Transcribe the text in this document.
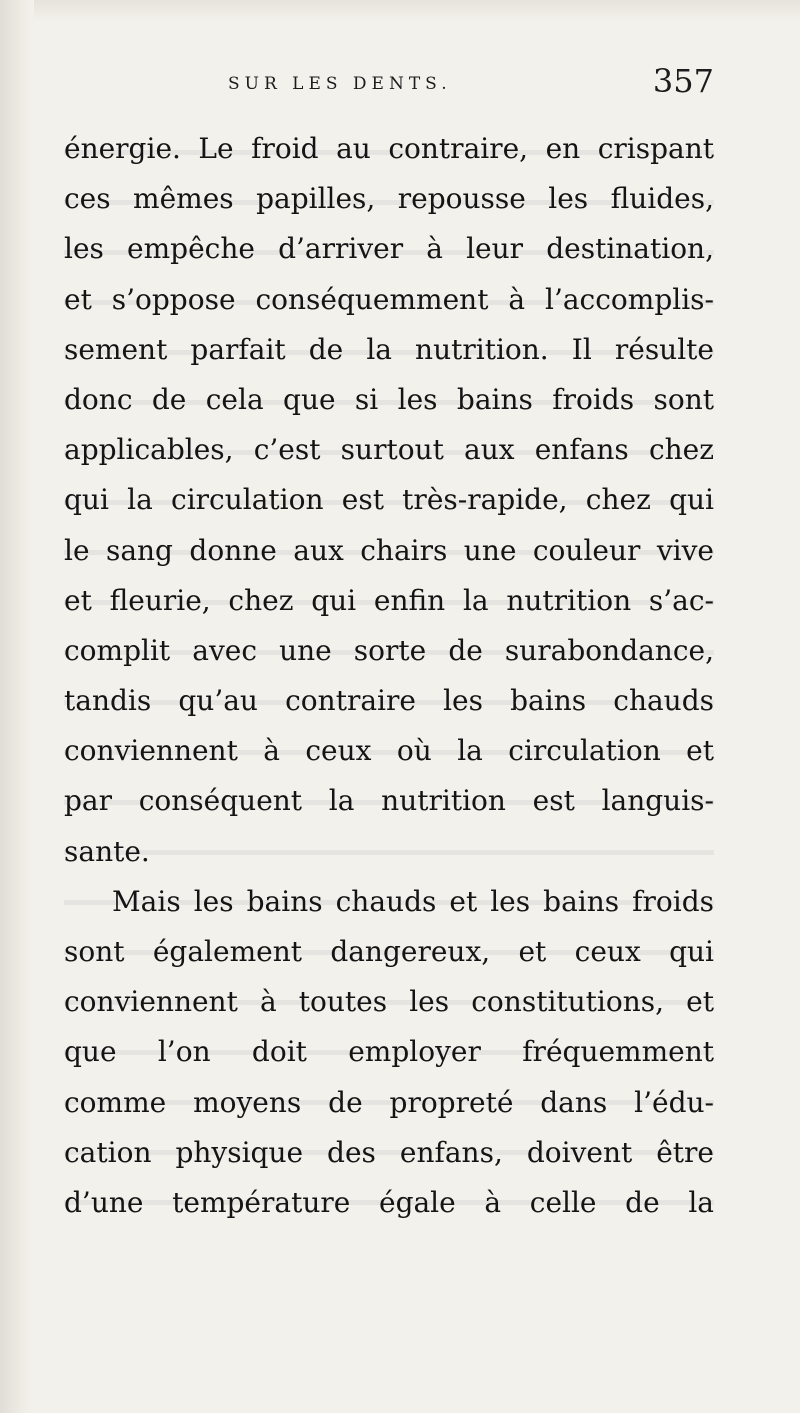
SUR LES DENTS.	357
énergie. Le froid au contraire, en crispant
ces mêmes papilles, repousse les fluides,
les empêche d’arriver à leur destination,
et s’oppose conséquemment à l’accomplis-
sement parfait de la nutrition. Il résulte
donc de cela que si les bains froids sont
applicables, c’est surtout aux enfans chez
qui la circulation est très-rapide, chez qui
le sang donne aux chairs une couleur vive
et fleurie, chez qui enfin la nutrition s’ac-
complit avec une sorte de surabondance,
tandis qu’au contraire les bains chauds
conviennent à ceux où la circulation et
par conséquent la nutrition est languis-
sante.
Mais les bains chauds et les bains froids
sont également dangereux, et ceux qui
conviennent à toutes les constitutions, et
que l’on doit employer fréquemment
comme moyens de propreté dans l’édu-
cation physique des enfans, doivent être
d’une température égale à celle de la
